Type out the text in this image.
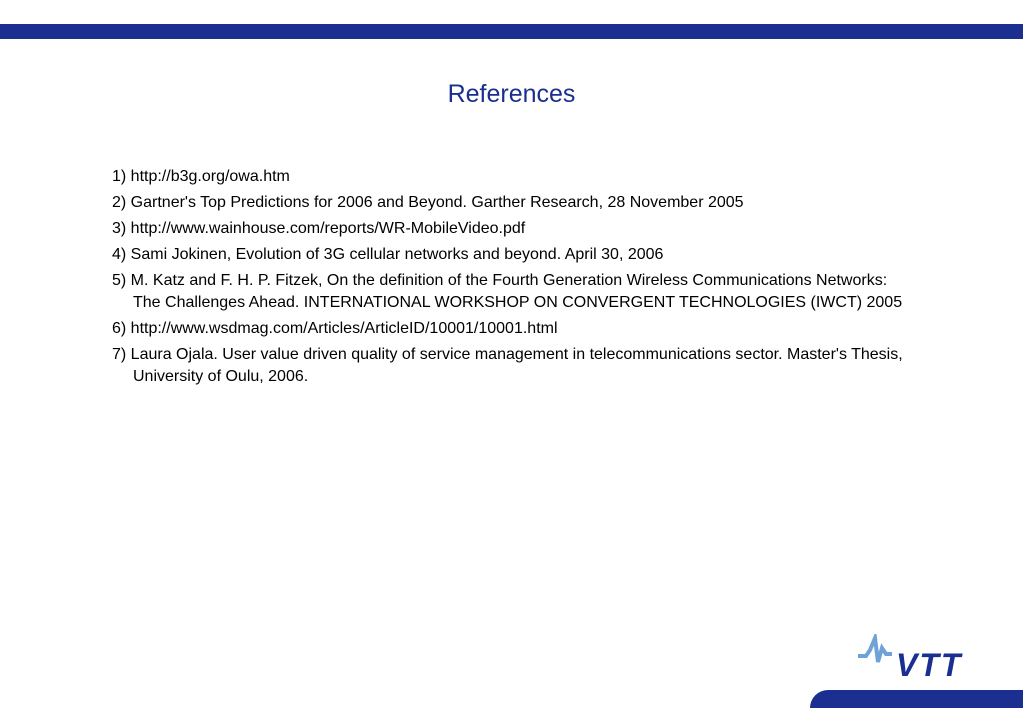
References
1) http://b3g.org/owa.htm
2) Gartner's Top Predictions for 2006 and Beyond. Garther Research, 28 November 2005
3) http://www.wainhouse.com/reports/WR-MobileVideo.pdf
4) Sami Jokinen, Evolution of 3G cellular networks and beyond. April 30, 2006
5) M. Katz and F. H. P. Fitzek, On the definition of the Fourth Generation Wireless Communications Networks: The Challenges Ahead. INTERNATIONAL WORKSHOP ON CONVERGENT TECHNOLOGIES (IWCT) 2005
6) http://www.wsdmag.com/Articles/ArticleID/10001/10001.html
7) Laura Ojala. User value driven quality of service management in telecommunications sector. Master's Thesis, University of Oulu, 2006.
VTT
